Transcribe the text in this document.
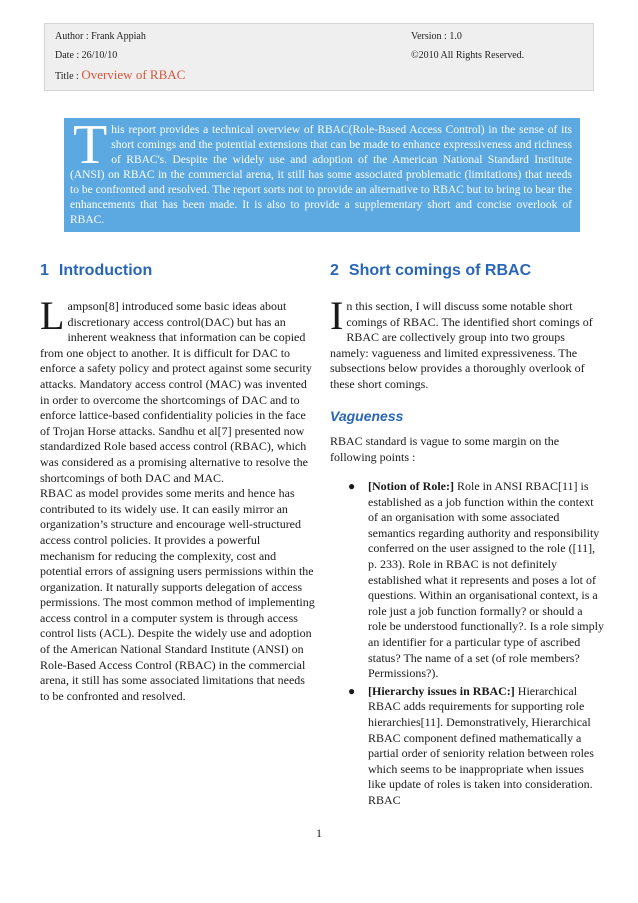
Author : Frank Appiah
Date : 26/10/10
Title : Overview of RBAC
Version : 1.0
©2010 All Rights Reserved.
This report provides a technical overview of RBAC(Role-Based Access Control) in the sense of its short comings and the potential extensions that can be made to enhance expressiveness and richness of RBAC's. Despite the widely use and adoption of the American National Standard Institute (ANSI) on RBAC in the commercial arena, it still has some associated problematic (limitations) that needs to be confronted and resolved. The report sorts not to provide an alternative to RBAC but to bring to bear the enhancements that has been made. It is also to provide a supplementary short and concise overlook of RBAC.
1 Introduction	2 Short comings of RBAC

Lampson[8] introduced some basic ideas about discretionary access control(DAC) but has an inherent weakness that information can be copied from one object to another. It is difficult for DAC to enforce a safety policy and protect against some security attacks. Mandatory access control (MAC) was invented in order to overcome the shortcomings of DAC and to enforce lattice-based confidentiality policies in the face of Trojan Horse attacks. Sandhu et al[7] presented now standardized Role based access control (RBAC), which was considered as a promising alternative to resolve the shortcomings of both DAC and MAC.

RBAC as model provides some merits and hence has contributed to its widely use. It can easily mirror an organization’s structure and encourage well-structured access control policies. It provides a powerful mechanism for reducing the complexity, cost and potential errors of assigning users permissions within the organization. It naturally supports delegation of access permissions. The most common method of implementing access control in a computer system is through access control lists (ACL). Despite the widely use and adoption of the American National Standard Institute (ANSI) on Role-Based Access Control (RBAC) in the commercial arena, it still has some associated limitations that needs to be confronted and resolved.

In this section, I will discuss some notable short comings of RBAC. The identified short comings of RBAC are collectively group into two groups namely: vagueness and limited expressiveness. The subsections below provides a thoroughly overlook of these short comings.

Vagueness

RBAC standard is vague to some margin on the following points :

● [Notion of Role:] Role in ANSI RBAC[11] is established as a job function within the context of an organisation with some associated semantics regarding authority and responsibility conferred on the user assigned to the role ([11], p. 233). Role in RBAC is not definitely established what it represents and poses a lot of questions. Within an organisational context, is a role just a job function formally? or should a role be understood functionally?. Is a role simply an identifier for a particular type of ascribed status? The name of a set (of role members? Permissions?).
● [Hierarchy issues in RBAC:] Hierarchical RBAC adds requirements for supporting role hierarchies[11]. Demonstratively, Hierarchical RBAC component defined mathematically a partial order of seniority relation between roles which seems to be inappropriate when issues like update of roles is taken into consideration. RBAC
1
